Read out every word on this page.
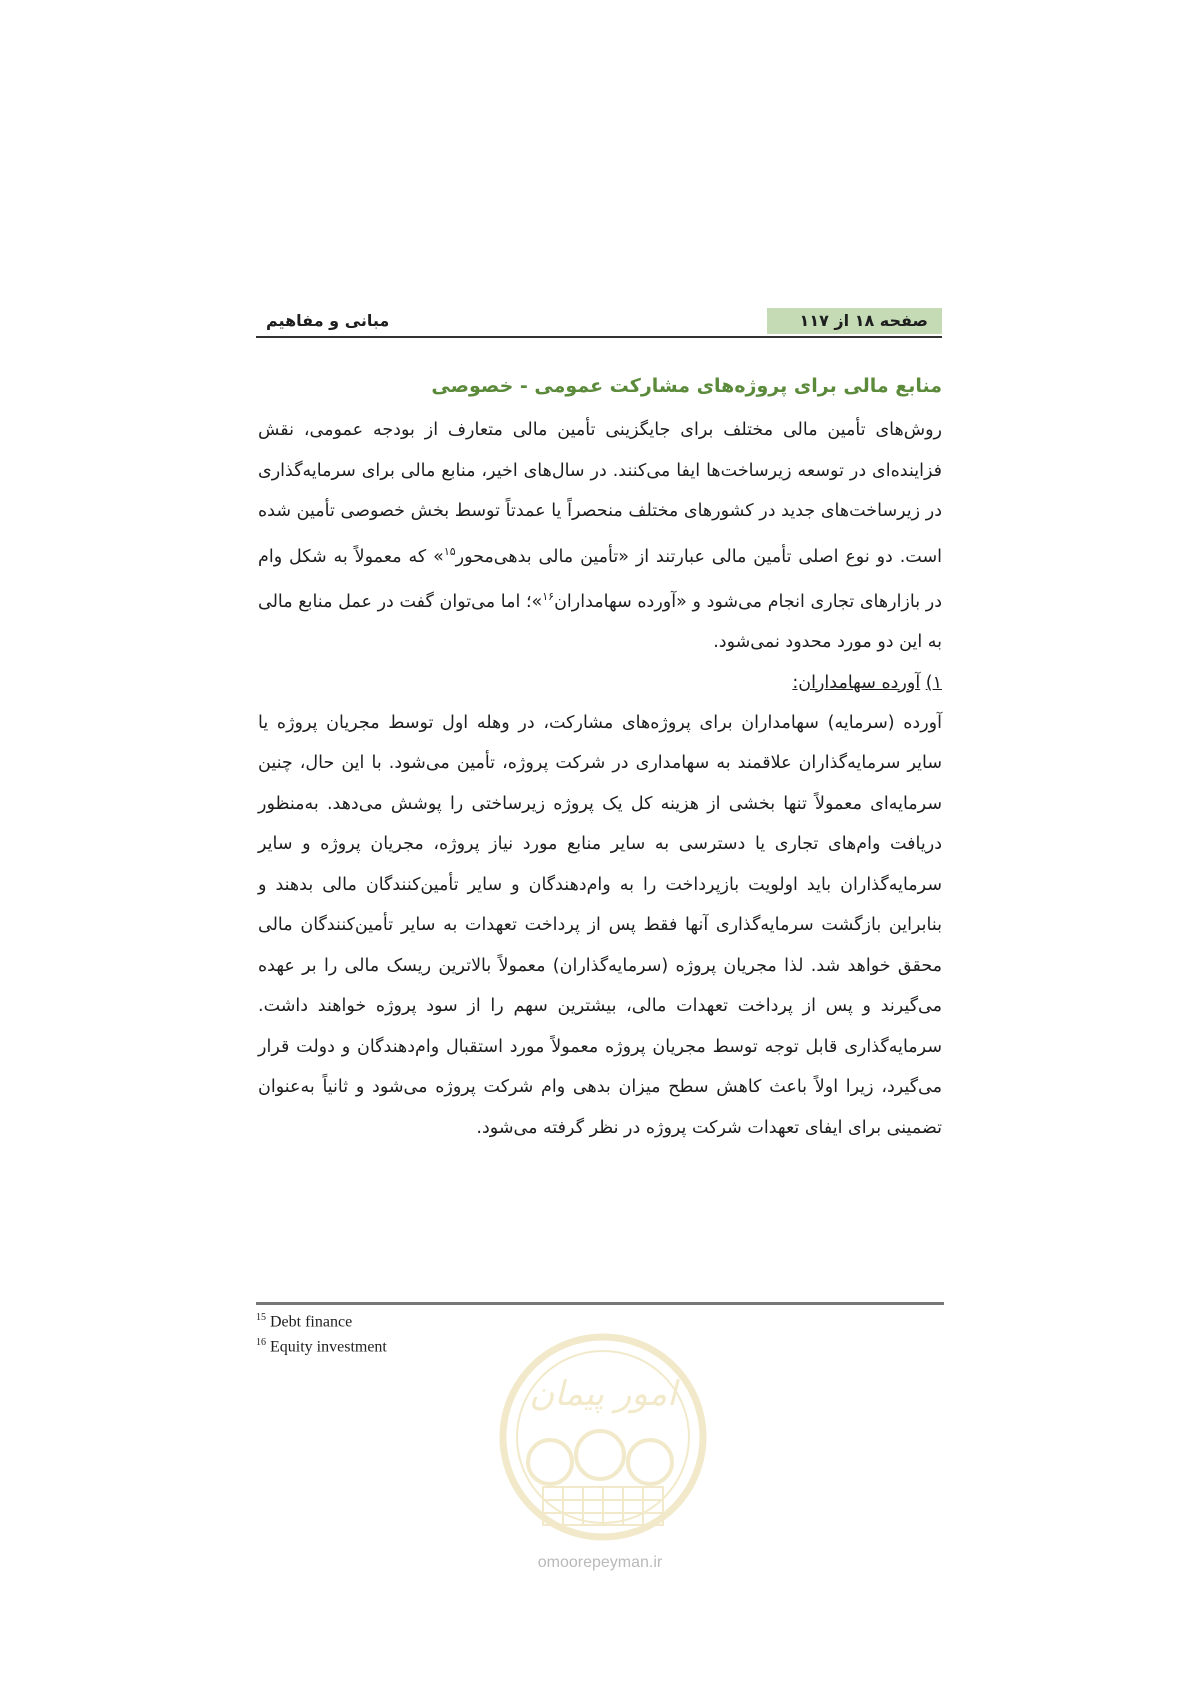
صفحه ۱۸ از ۱۱۷
مبانی و مفاهیم
منابع مالی برای پروژه‌های مشارکت عمومی - خصوصی

روش‌های تأمین مالی مختلف برای جایگزینی تأمین مالی متعارف از بودجه عمومی، نقش فزاینده‌ای در توسعه زیرساخت‌ها ایفا می‌کنند. در سال‌های اخیر، منابع مالی برای سرمایه‌گذاری در زیرساخت‌های جدید در کشورهای مختلف منحصراً یا عمدتاً توسط بخش خصوصی تأمین شده است. دو نوع اصلی تأمین مالی عبارتند از «تأمین مالی بدهی‌محور$^{۱۵}$» که معمولاً به شکل وام در بازارهای تجاری انجام می‌شود و «آورده سهامداران$^{۱۶}$»؛ اما می‌توان گفت در عمل منابع مالی به این دو مورد محدود نمی‌شود.

۱) آورده سهامداران:

آورده (سرمایه) سهامداران برای پروژه‌های مشارکت، در وهله اول توسط مجریان پروژه یا سایر سرمایه‌گذاران علاقمند به سهامداری در شرکت پروژه، تأمین می‌شود. با این حال، چنین سرمایه‌ای معمولاً تنها بخشی از هزینه کل یک پروژه زیرساختی را پوشش می‌دهد. به‌منظور دریافت وام‌های تجاری یا دسترسی به سایر منابع مورد نیاز پروژه، مجریان پروژه و سایر سرمایه‌گذاران باید اولویت بازپرداخت را به وام‌دهندگان و سایر تأمین‌کنندگان مالی بدهند و بنابراین بازگشت سرمایه‌گذاری آنها فقط پس از پرداخت تعهدات به سایر تأمین‌کنندگان مالی محقق خواهد شد. لذا مجریان پروژه (سرمایه‌گذاران) معمولاً بالاترین ریسک مالی را بر عهده می‌گیرند و پس از پرداخت تعهدات مالی، بیشترین سهم را از سود پروژه خواهند داشت. سرمایه‌گذاری قابل توجه توسط مجریان پروژه معمولاً مورد استقبال وام‌دهندگان و دولت قرار می‌گیرد، زیرا اولاً باعث کاهش سطح میزان بدهی وام شرکت پروژه می‌شود و ثانیاً به‌عنوان تضمینی برای ایفای تعهدات شرکت پروژه در نظر گرفته می‌شود.

$^{15}$ Debt finance
$^{16}$ Equity investment
امور پیمان
omoorepeyman.ir
